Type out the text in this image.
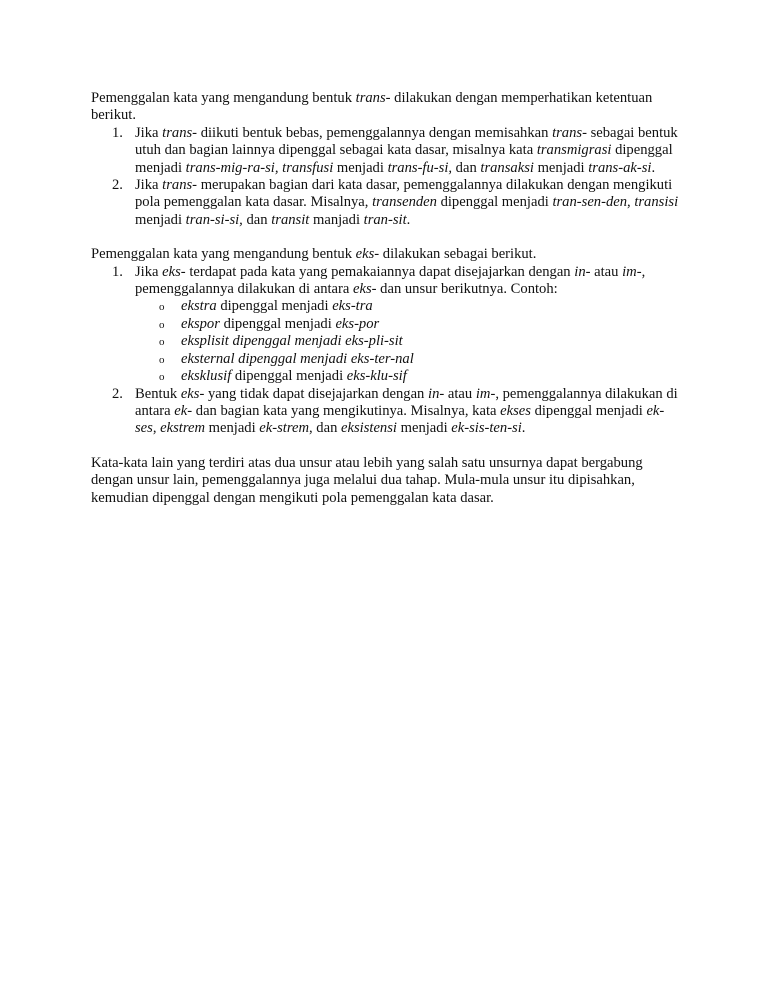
Pemenggalan kata yang mengandung bentuk trans- dilakukan dengan memperhatikan ketentuan berikut.

1. Jika trans- diikuti bentuk bebas, pemenggalannya dengan memisahkan trans- sebagai bentuk utuh dan bagian lainnya dipenggal sebagai kata dasar, misalnya kata transmigrasi dipenggal menjadi trans-mig-ra-si, transfusi menjadi trans-fu-si, dan transaksi menjadi trans-ak-si.
2. Jika trans- merupakan bagian dari kata dasar, pemenggalannya dilakukan dengan mengikuti pola pemenggalan kata dasar. Misalnya, transenden dipenggal menjadi tran-sen-den, transisi menjadi tran-si-si, dan transit manjadi tran-sit.

Pemenggalan kata yang mengandung bentuk eks- dilakukan sebagai berikut.

1. Jika eks- terdapat pada kata yang pemakaiannya dapat disejajarkan dengan in- atau im-, pemenggalannya dilakukan di antara eks- dan unsur berikutnya. Contoh:
o ekstra dipenggal menjadi eks-tra
o ekspor dipenggal menjadi eks-por
o eksplisit dipenggal menjadi eks-pli-sit
o eksternal dipenggal menjadi eks-ter-nal
o eksklusif dipenggal menjadi eks-klu-sif
2. Bentuk eks- yang tidak dapat disejajarkan dengan in- atau im-, pemenggalannya dilakukan di antara ek- dan bagian kata yang mengikutinya. Misalnya, kata ekses dipenggal menjadi ek-ses, ekstrem menjadi ek-strem, dan eksistensi menjadi ek-sis-ten-si.

Kata-kata lain yang terdiri atas dua unsur atau lebih yang salah satu unsurnya dapat bergabung dengan unsur lain, pemenggalannya juga melalui dua tahap. Mula-mula unsur itu dipisahkan, kemudian dipenggal dengan mengikuti pola pemenggalan kata dasar.
